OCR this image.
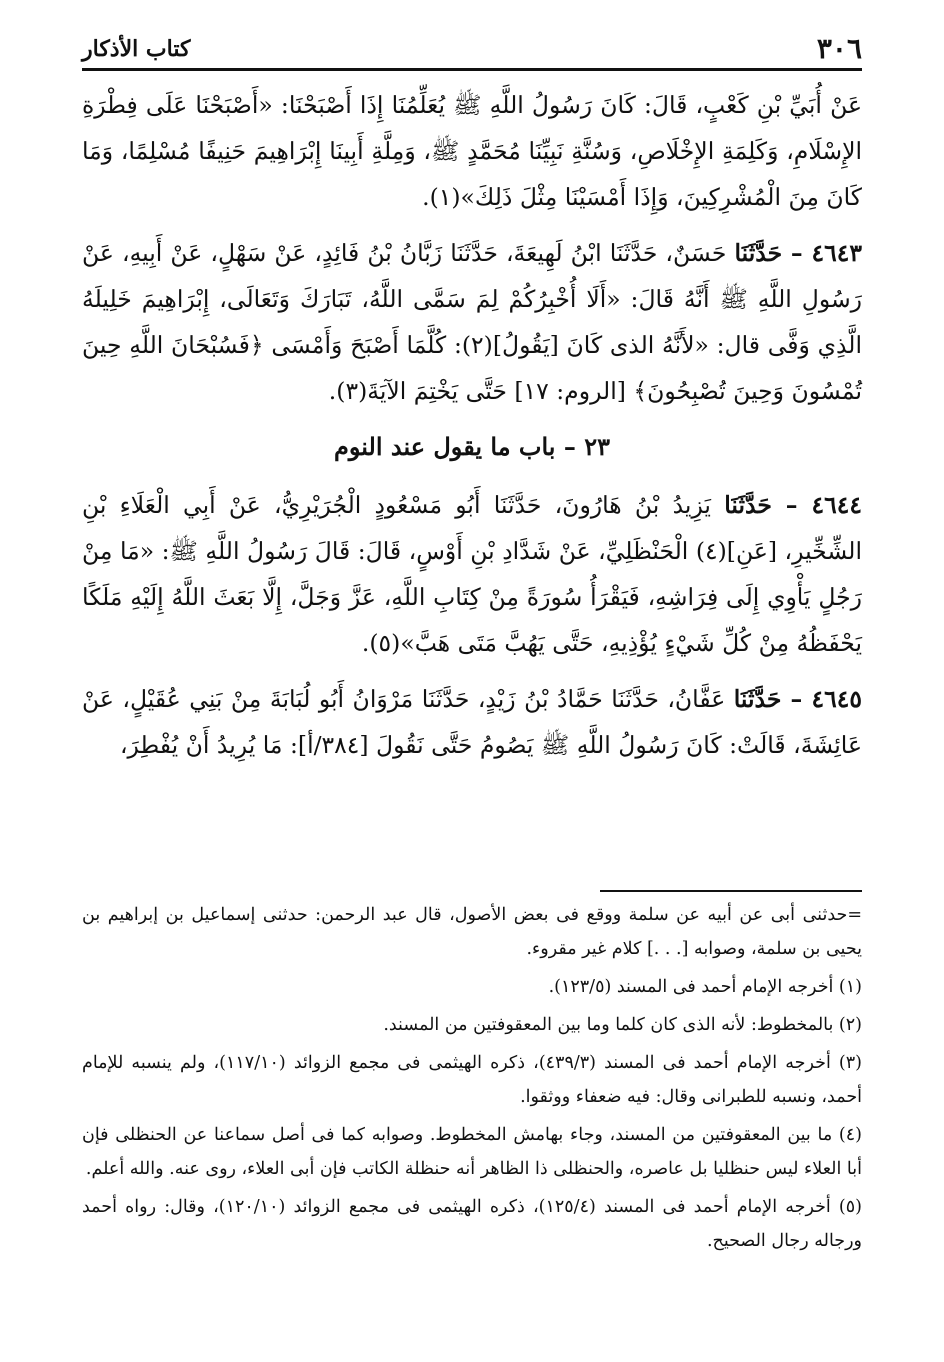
٣٠٦
كتاب الأذكار

عَنْ أُبَيِّ بْنِ كَعْبٍ، قَالَ: كَانَ رَسُولُ اللَّهِ ﷺ يُعَلِّمُنَا إِذَا أَصْبَحْنَا: «أَصْبَحْنَا عَلَى فِطْرَةِ الإِسْلَامِ، وَكَلِمَةِ الإِخْلَاصِ، وَسُنَّةِ نَبِيِّنَا مُحَمَّدٍ ﷺ، وَمِلَّةِ أَبِينَا إِبْرَاهِيمَ حَنِيفًا مُسْلِمًا، وَمَا كَانَ مِنَ الْمُشْرِكِينَ، وَإِذَا أَمْسَيْنَا مِثْلَ ذَلِكَ»(١).

٤٦٤٣ – حَدَّثَنَا حَسَنٌ، حَدَّثَنَا ابْنُ لَهِيعَةَ، حَدَّثَنَا زَبَّانُ بْنُ فَائِدٍ، عَنْ سَهْلٍ، عَنْ أَبِيهِ، عَنْ رَسُولِ اللَّهِ ﷺ أَنَّهُ قَالَ: «أَلَا أُخْبِرُكُمْ لِمَ سَمَّى اللَّهُ، تَبَارَكَ وَتَعَالَى، إِبْرَاهِيمَ خَلِيلَهُ الَّذِي وَفَّى قال: «لأَنَّهُ الذى كَانَ [يَقُولُ](٢): كُلَّمَا أَصْبَحَ وَأَمْسَى ﴿فَسُبْحَانَ اللَّهِ حِينَ تُمْسُونَ وَحِينَ تُصْبِحُونَ﴾ [الروم: ١٧] حَتَّى يَخْتِمَ الآيَةَ(٣).

٢٣ – باب ما يقول عند النوم

٤٦٤٤ – حَدَّثَنَا يَزِيدُ بْنُ هَارُونَ، حَدَّثَنَا أَبُو مَسْعُودٍ الْجُرَيْرِيُّ، عَنْ أَبِي الْعَلَاءِ بْنِ الشِّخِّيرِ، [عَنِ](٤) الْحَنْظَلِيِّ، عَنْ شَدَّادِ بْنِ أَوْسٍ، قَالَ: قَالَ رَسُولُ اللَّهِ ﷺ: «مَا مِنْ رَجُلٍ يَأْوِي إِلَى فِرَاشِهِ، فَيَقْرَأُ سُورَةً مِنْ كِتَابِ اللَّهِ، عَزَّ وَجَلَّ، إِلَّا بَعَثَ اللَّهُ إِلَيْهِ مَلَكًا يَحْفَظُهُ مِنْ كُلِّ شَيْءٍ يُؤْذِيهِ، حَتَّى يَهُبَّ مَتَى هَبَّ»(٥).

٤٦٤٥ – حَدَّثَنَا عَفَّانُ، حَدَّثَنَا حَمَّادُ بْنُ زَيْدٍ، حَدَّثَنَا مَرْوَانُ أَبُو لُبَابَةَ مِنْ بَنِي عُقَيْلٍ، عَنْ عَائِشَةَ، قَالَتْ: كَانَ رَسُولُ اللَّهِ ﷺ يَصُومُ حَتَّى نَقُولَ [٣٨٤/أ]: مَا يُرِيدُ أَنْ يُفْطِرَ،

=حدثنى أبى عن أبيه عن سلمة ووقع فى بعض الأصول، قال عبد الرحمن: حدثنى إسماعيل بن إبراهيم بن يحيى بن سلمة، وصوابه [. . .] كلام غير مقروء.

(١) أخرجه الإمام أحمد فى المسند (١٢٣/٥).

(٢) بالمخطوط: لأنه الذى كان كلما وما بين المعقوفتين من المسند.

(٣) أخرجه الإمام أحمد فى المسند (٤٣٩/٣)، ذكره الهيثمى فى مجمع الزوائد (١١٧/١٠)، ولم ينسبه للإمام أحمد، ونسبه للطبرانى وقال: فيه ضعفاء ووثقوا.

(٤) ما بين المعقوفتين من المسند، وجاء بهامش المخطوط. وصوابه كما فى أصل سماعنا عن الحنظلى فإن أبا العلاء ليس حنظليا بل عاصره، والحنظلى ذا الظاهر أنه حنظلة الكاتب فإن أبى العلاء، روى عنه. والله أعلم.

(٥) أخرجه الإمام أحمد فى المسند (١٢٥/٤)، ذكره الهيثمى فى مجمع الزوائد (١٢٠/١٠)، وقال: رواه أحمد ورجاله رجال الصحيح.
